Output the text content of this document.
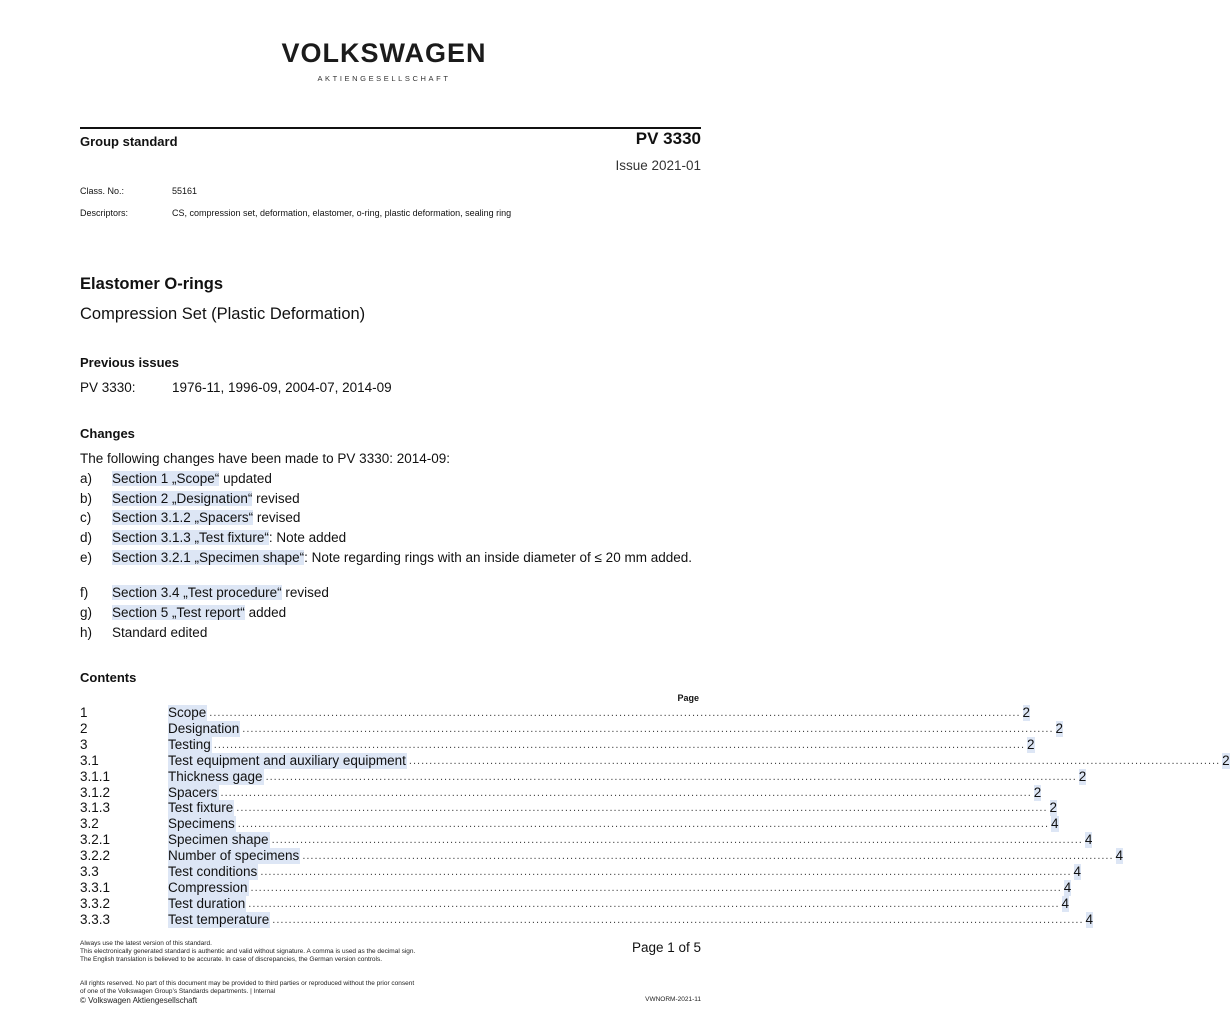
VOLKSWAGEN
AKTIENGESELLSCHAFT
Group standard	PV 3330
Issue 2021-01
Class. No.:	55161
Descriptors:	CS, compression set, deformation, elastomer, o-ring, plastic deformation, sealing ring
Elastomer O-rings
Compression Set (Plastic Deformation)
Previous issues
PV 3330:	1976-11, 1996-09, 2004-07, 2014-09
Changes
The following changes have been made to PV 3330: 2014-09:
a) Section 1 „Scope“ updated
b) Section 2 „Designation“ revised
c) Section 3.1.2 „Spacers“ revised
d) Section 3.1.3 „Test fixture“: Note added
e) Section 3.2.1 „Specimen shape“: Note regarding rings with an inside diameter of ≤ 20 mm added.
f) Section 3.4 „Test procedure“ revised
g) Section 5 „Test report“ added
h) Standard edited
Contents
Page
1	Scope ........................................................................................................................................................................................................ 2
2	Designation ........................................................................................................................................................................................................ 2
3	Testing ........................................................................................................................................................................................................ 2
3.1	Test equipment and auxiliary equipment ........................................................................................................................................................................................................ 2
3.1.1	Thickness gage ........................................................................................................................................................................................................ 2
3.1.2	Spacers ........................................................................................................................................................................................................ 2
3.1.3	Test fixture ........................................................................................................................................................................................................ 2
3.2	Specimens ........................................................................................................................................................................................................ 4
3.2.1	Specimen shape ........................................................................................................................................................................................................ 4
3.2.2	Number of specimens ........................................................................................................................................................................................................ 4
3.3	Test conditions ........................................................................................................................................................................................................ 4
3.3.1	Compression ........................................................................................................................................................................................................ 4
3.3.2	Test duration ........................................................................................................................................................................................................ 4
3.3.3	Test temperature ........................................................................................................................................................................................................ 4
Always use the latest version of this standard.
This electronically generated standard is authentic and valid without signature. A comma is used as the decimal sign.
The English translation is believed to be accurate. In case of discrepancies, the German version controls.
All rights reserved. No part of this document may be provided to third parties or reproduced without the prior consent
of one of the Volkswagen Group’s Standards departments. | Internal
© Volkswagen Aktiengesellschaft
Page 1 of 5
VWNORM-2021-11
